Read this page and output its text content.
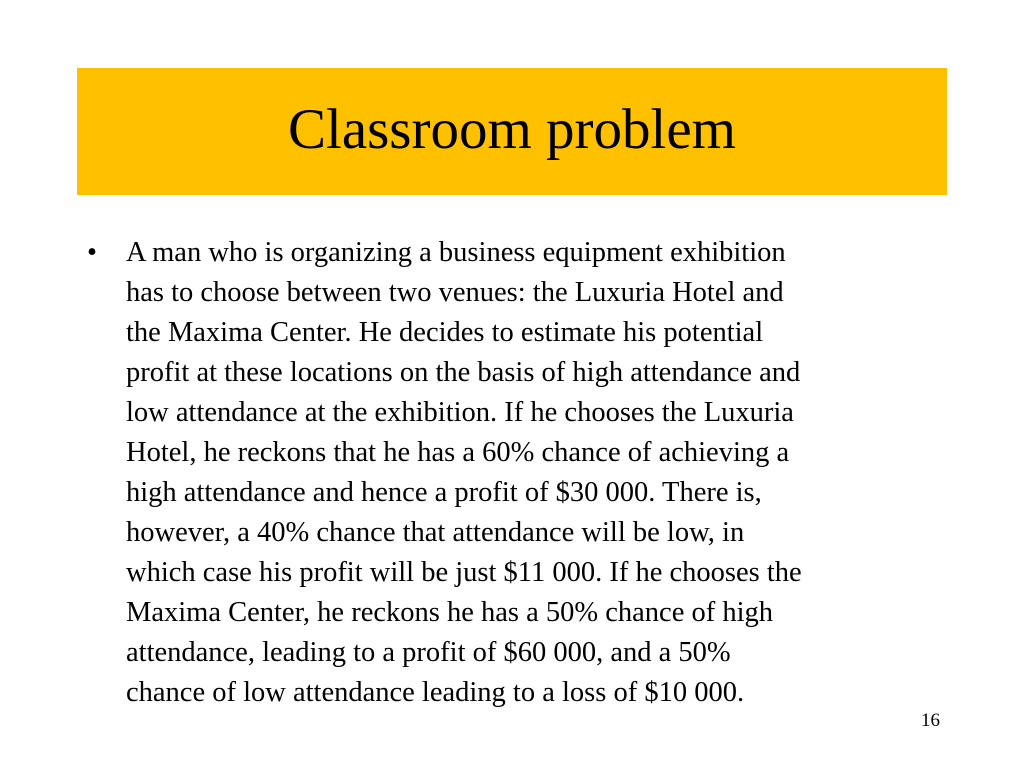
Classroom problem
• A man who is organizing a business equipment exhibition
has to choose between two venues: the Luxuria Hotel and
the Maxima Center. He decides to estimate his potential
profit at these locations on the basis of high attendance and
low attendance at the exhibition. If he chooses the Luxuria
Hotel, he reckons that he has a 60% chance of achieving a
high attendance and hence a profit of $30 000. There is,
however, a 40% chance that attendance will be low, in
which case his profit will be just $11 000. If he chooses the
Maxima Center, he reckons he has a 50% chance of high
attendance, leading to a profit of $60 000, and a 50%
chance of low attendance leading to a loss of $10 000.
16
